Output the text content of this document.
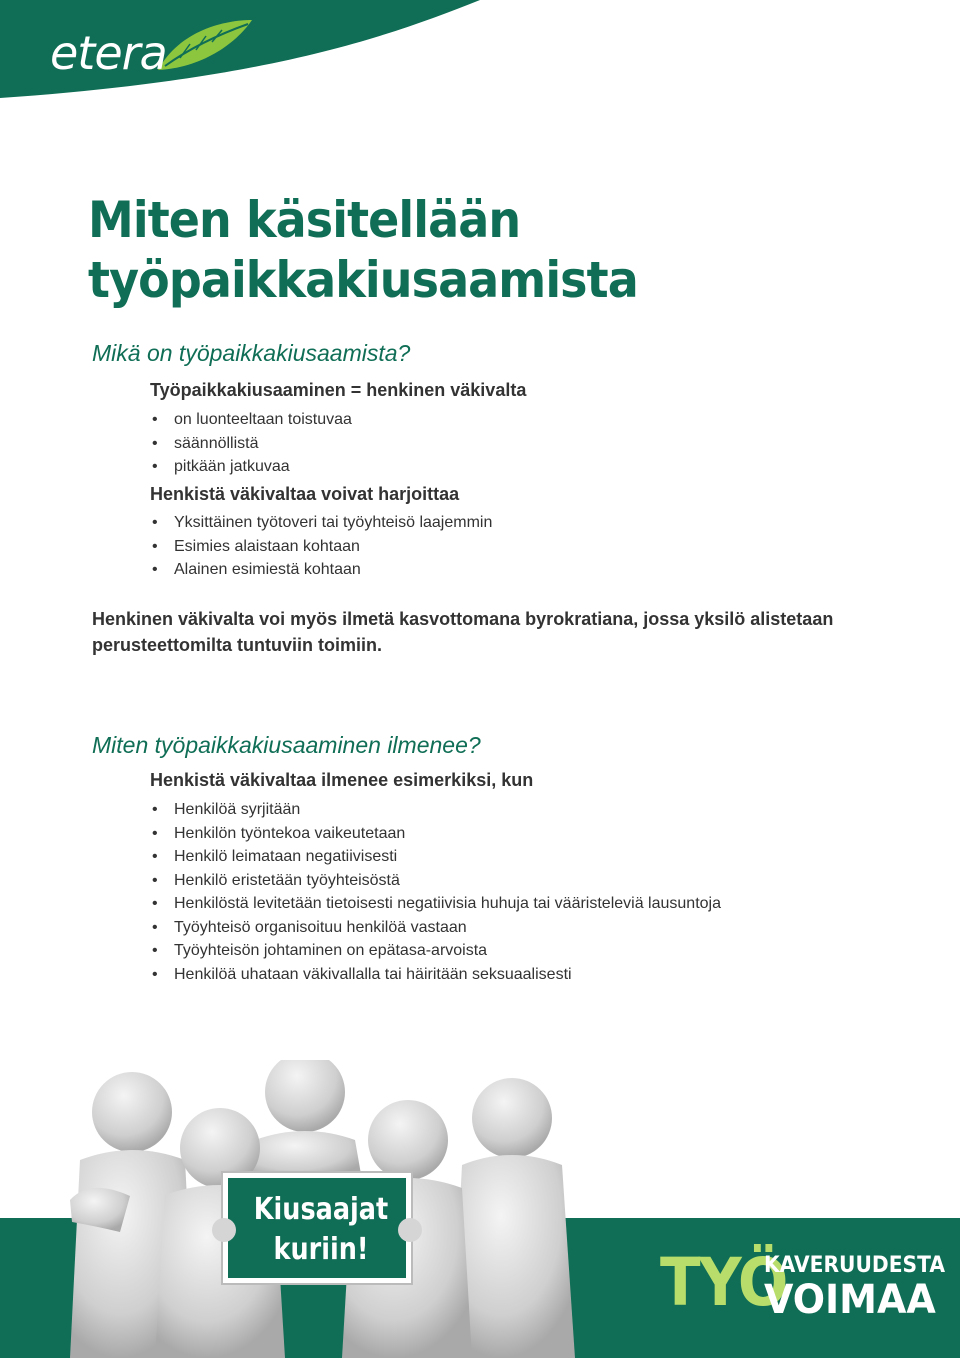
etera
Miten käsitellään
työpaikkakiusaamista
Mikä on työpaikkakiusaamista?
Työpaikkakiusaaminen = henkinen väkivalta
• on luonteeltaan toistuvaa
• säännöllistä
• pitkään jatkuvaa
Henkistä väkivaltaa voivat harjoittaa
• Yksittäinen työtoveri tai työyhteisö laajemmin
• Esimies alaistaan kohtaan
• Alainen esimiestä kohtaan

Henkinen väkivalta voi myös ilmetä kasvottomana byrokratiana, jossa yksilö alistetaan perusteettomilta tuntuviin toimiin.

Miten työpaikkakiusaaminen ilmenee?
Henkistä väkivaltaa ilmenee esimerkiksi, kun
• Henkilöä syrjitään
• Henkilön työntekoa vaikeutetaan
• Henkilö leimataan negatiivisesti
• Henkilö eristetään työyhteisöstä
• Henkilöstä levitetään tietoisesti negatiivisia huhuja tai vääristeleviä lausuntoja
• Työyhteisö organisoituu henkilöä vastaan
• Työyhteisön johtaminen on epätasa-arvoista
• Henkilöä uhataan väkivallalla tai häiritään seksuaalisesti
Kiusaajat
kuriin!	TYÖ
KAVERUUDESTA
VOIMAA
